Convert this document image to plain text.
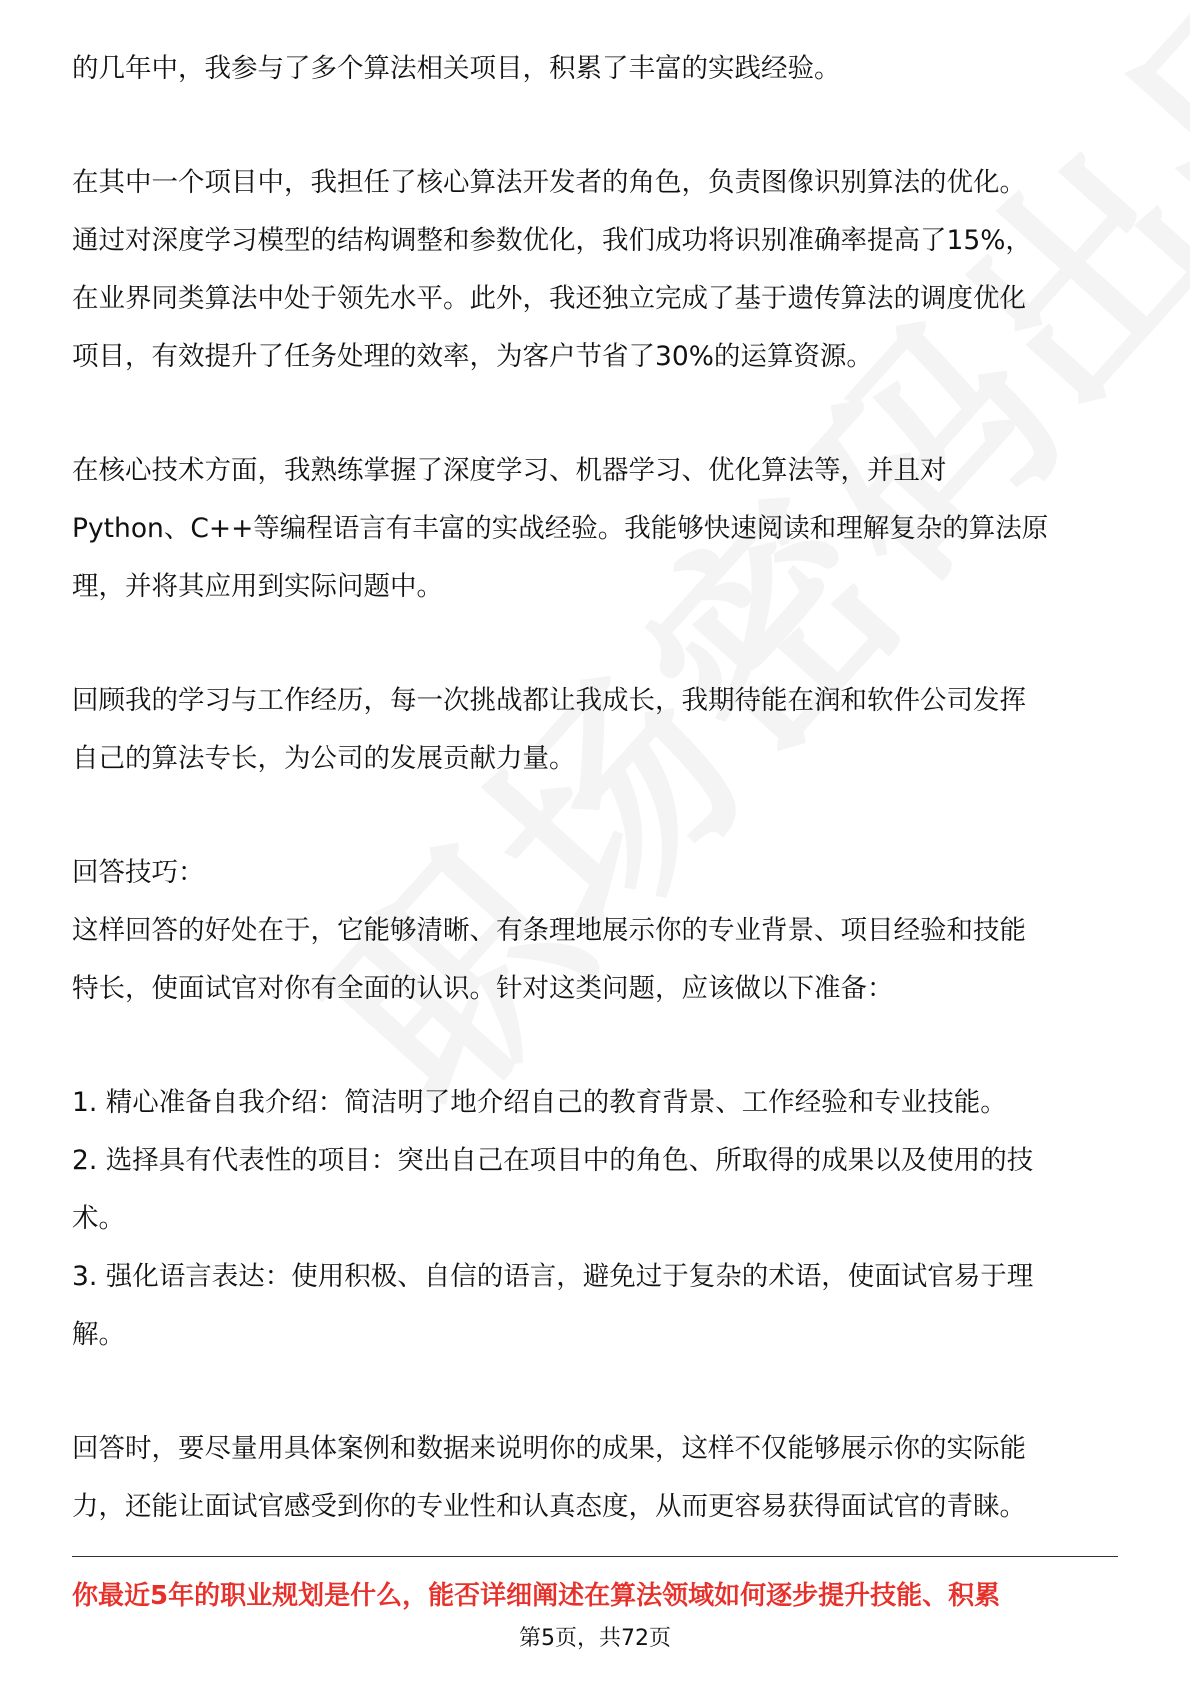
的几年中，我参与了多个算法相关项目，积累了丰富的实践经验。
在其中一个项目中，我担任了核心算法开发者的角色，负责图像识别算法的优化。
通过对深度学习模型的结构调整和参数优化，我们成功将识别准确率提高了15%，
在业界同类算法中处于领先水平。此外，我还独立完成了基于遗传算法的调度优化
项目，有效提升了任务处理的效率，为客户节省了30%的运算资源。
在核心技术方面，我熟练掌握了深度学习、机器学习、优化算法等，并且对
Python、C++等编程语言有丰富的实战经验。我能够快速阅读和理解复杂的算法原
理，并将其应用到实际问题中。
回顾我的学习与工作经历，每一次挑战都让我成长，我期待能在润和软件公司发挥
自己的算法专长，为公司的发展贡献力量。
回答技巧：
这样回答的好处在于，它能够清晰、有条理地展示你的专业背景、项目经验和技能
特长，使面试官对你有全面的认识。针对这类问题，应该做以下准备：
1. 精心准备自我介绍：简洁明了地介绍自己的教育背景、工作经验和专业技能。
2. 选择具有代表性的项目：突出自己在项目中的角色、所取得的成果以及使用的技
术。
3. 强化语言表达：使用积极、自信的语言，避免过于复杂的术语，使面试官易于理
解。
回答时，要尽量用具体案例和数据来说明你的成果，这样不仅能够展示你的实际能
力，还能让面试官感受到你的专业性和认真态度，从而更容易获得面试官的青睐。
你最近5年的职业规划是什么，能否详细阐述在算法领域如何逐步提升技能、积累
第5页，共72页
